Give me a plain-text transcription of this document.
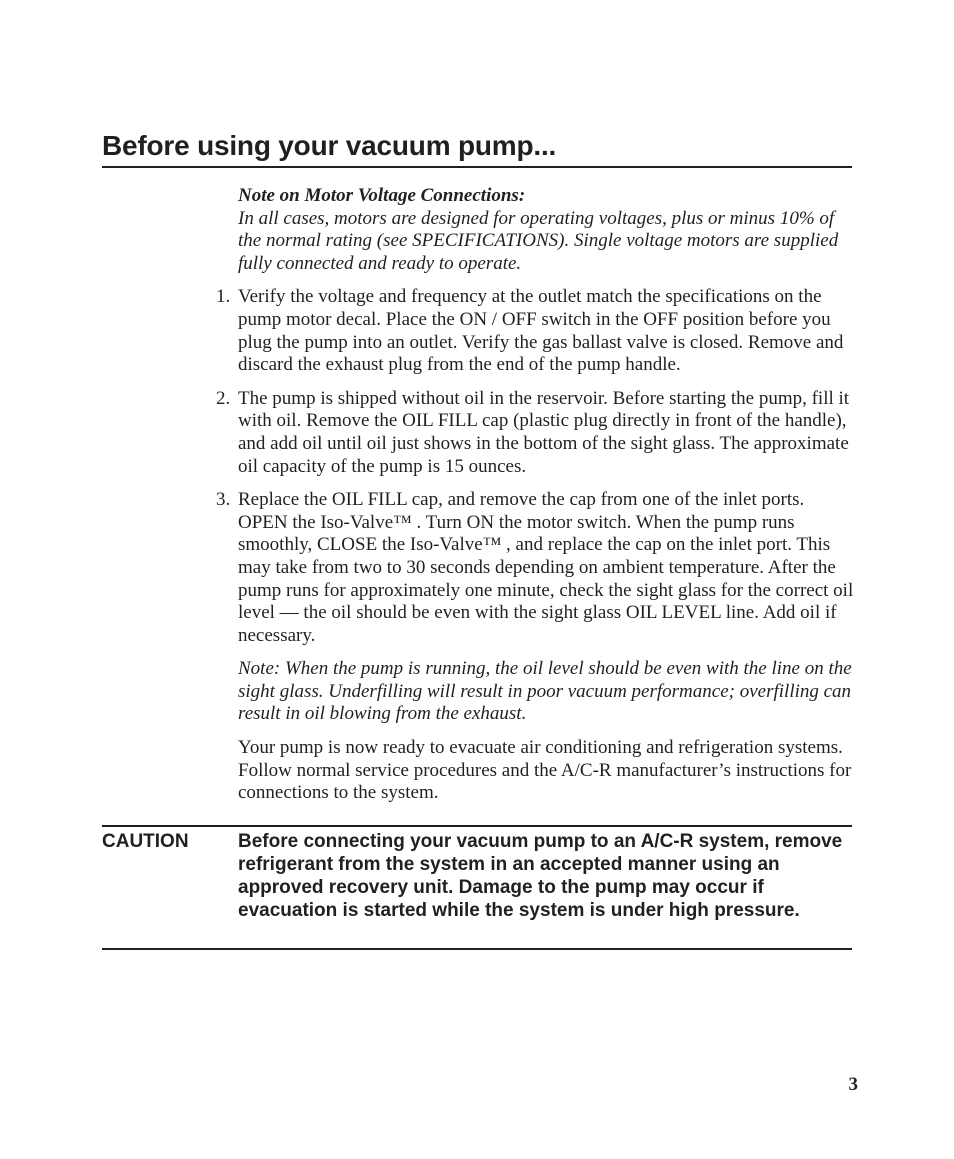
Before using your vacuum pump...
Note on Motor Voltage Connections:
In all cases, motors are designed for operating voltages, plus or minus 10% of the normal rating (see SPECIFICATIONS). Single voltage motors are supplied fully connected and ready to operate.
1. Verify the voltage and frequency at the outlet match the specifications on the pump motor decal. Place the ON / OFF switch in the OFF position before you plug the pump into an outlet. Verify the gas ballast valve is closed. Remove and discard the exhaust plug from the end of the pump handle.
2. The pump is shipped without oil in the reservoir. Before starting the pump, fill it with oil. Remove the OIL FILL cap (plastic plug directly in front of the handle), and add oil until oil just shows in the bottom of the sight glass. The approximate oil capacity of the pump is 15 ounces.
3. Replace the OIL FILL cap, and remove the cap from one of the inlet ports. OPEN the Iso-Valve™ . Turn ON the motor switch. When the pump runs smoothly, CLOSE the Iso-Valve™ , and replace the cap on the inlet port. This may take from two to 30 seconds depending on ambient temperature. After the pump runs for approximately one minute, check the sight glass for the correct oil level — the oil should be even with the sight glass OIL LEVEL line. Add oil if necessary.

Note: When the pump is running, the oil level should be even with the line on the sight glass. Underfilling will result in poor vacuum performance; overfilling can result in oil blowing from the exhaust.

Your pump is now ready to evacuate air conditioning and refrigeration systems. Follow normal service procedures and the A/C-R manufacturer’s instructions for connections to the system.

CAUTION	Before connecting your vacuum pump to an A/C-R system, remove refrigerant from the system in an accepted manner using an approved recovery unit. Damage to the pump may occur if evacuation is started while the system is under high pressure.
3
